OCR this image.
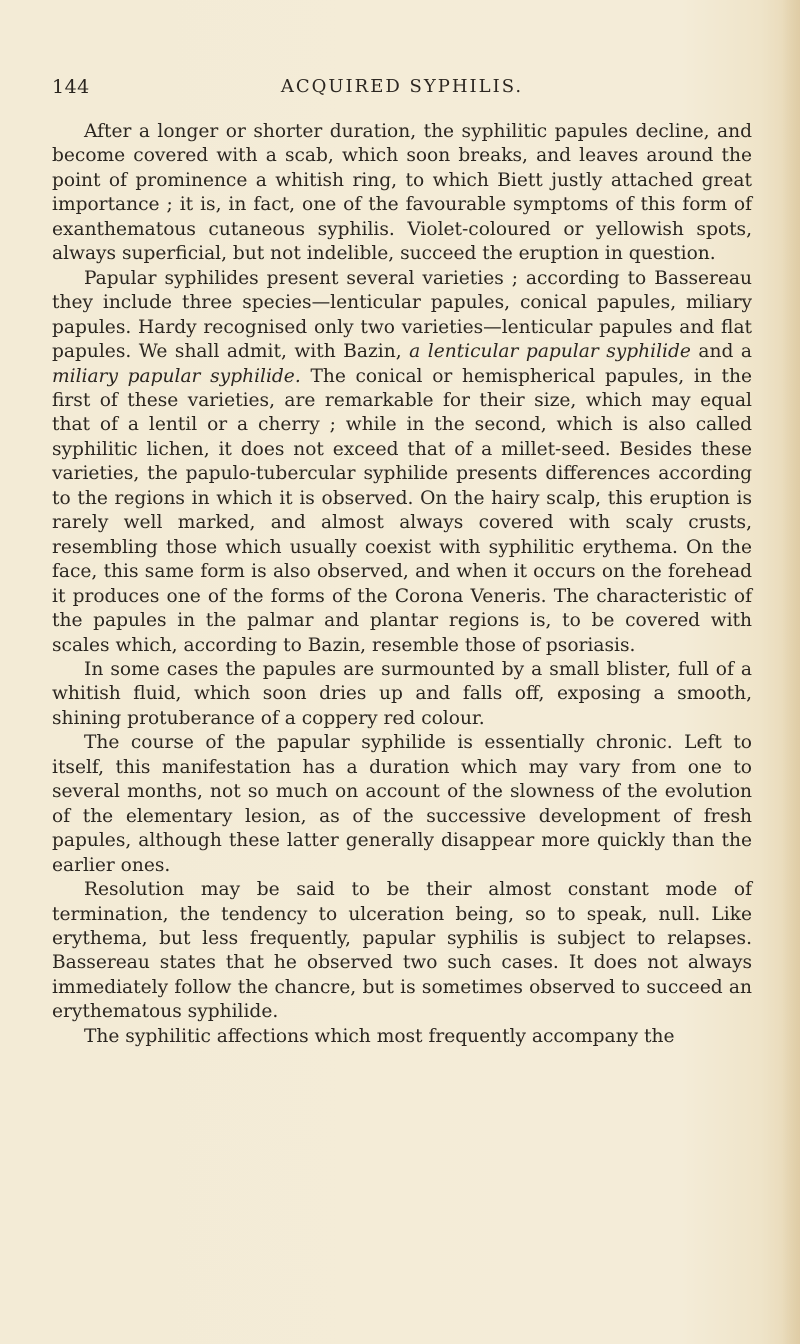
144	ACQUIRED SYPHILIS.

After a longer or shorter duration, the syphilitic papules decline, and become covered with a scab, which soon breaks, and leaves around the point of prominence a whitish ring, to which Biett justly attached great importance ; it is, in fact, one of the favourable symptoms of this form of exanthematous cutaneous syphilis. Violet-coloured or yellowish spots, always superficial, but not indelible, succeed the eruption in question.

Papular syphilides present several varieties ; according to Bassereau they include three species—lenticular papules, conical papules, miliary papules. Hardy recognised only two varieties—lenticular papules and flat papules. We shall admit, with Bazin, a lenticular papular syphilide and a miliary papular syphilide. The conical or hemispherical papules, in the first of these varieties, are remarkable for their size, which may equal that of a lentil or a cherry ; while in the second, which is also called syphilitic lichen, it does not exceed that of a millet-seed. Besides these varieties, the papulo-tubercular syphilide presents differences according to the regions in which it is observed. On the hairy scalp, this eruption is rarely well marked, and almost always covered with scaly crusts, resembling those which usually coexist with syphilitic erythema. On the face, this same form is also observed, and when it occurs on the forehead it produces one of the forms of the Corona Veneris. The characteristic of the papules in the palmar and plantar regions is, to be covered with scales which, according to Bazin, resemble those of psoriasis.

In some cases the papules are surmounted by a small blister, full of a whitish fluid, which soon dries up and falls off, exposing a smooth, shining protuberance of a coppery red colour.

The course of the papular syphilide is essentially chronic. Left to itself, this manifestation has a duration which may vary from one to several months, not so much on account of the slowness of the evolution of the elementary lesion, as of the successive development of fresh papules, although these latter generally disappear more quickly than the earlier ones.

Resolution may be said to be their almost constant mode of termination, the tendency to ulceration being, so to speak, null. Like erythema, but less frequently, papular syphilis is subject to relapses. Bassereau states that he observed two such cases. It does not always immediately follow the chancre, but is sometimes observed to succeed an erythematous syphilide.

The syphilitic affections which most frequently accompany the
